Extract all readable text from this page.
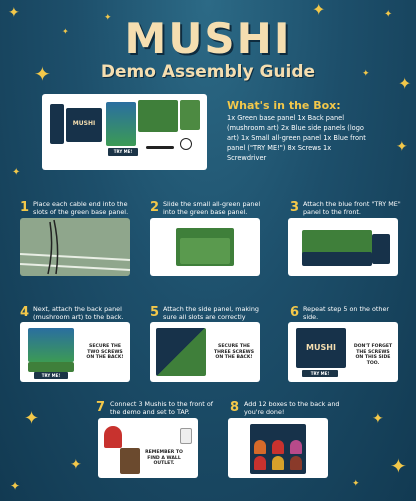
✦	✦
✦
✦	✦
✦	✦ ✦
✦
✦
✦
✦
✦
✦
✦
✦
MUSHI
Demo Assembly Guide
MUSHI
TRY ME!
What's in the Box:
1x Green base panel 1x Back panel (mushroom art) 2x Blue side panels (logo art) 1x Small all-green panel 1x Blue front panel ("TRY ME!") 8x Screws 1x Screwdriver
1 Place each cable end into the slots of the green base panel.	2 Slide the small all-green panel into the green base panel.	3 Attach the blue front "TRY ME" panel to the front.
4 Next, attach the back panel (mushroom art) to the back.
TRY ME!
SECURE THE TWO SCREWS ON THE BACK!
5 Attach the side panel, making sure all slots are correctly
SECURE THE THREE SCREWS ON THE BACK!
6 Repeat step 5 on the other side.
MUSHI
TRY ME!
DON'T FORGET THE SCREWS ON THIS SIDE TOO.
7 Connect 3 Mushis to the front of the demo and set to TAP.
REMEMBER TO FIND A WALL OUTLET.
8 Add 12 boxes to the back and you're done!
